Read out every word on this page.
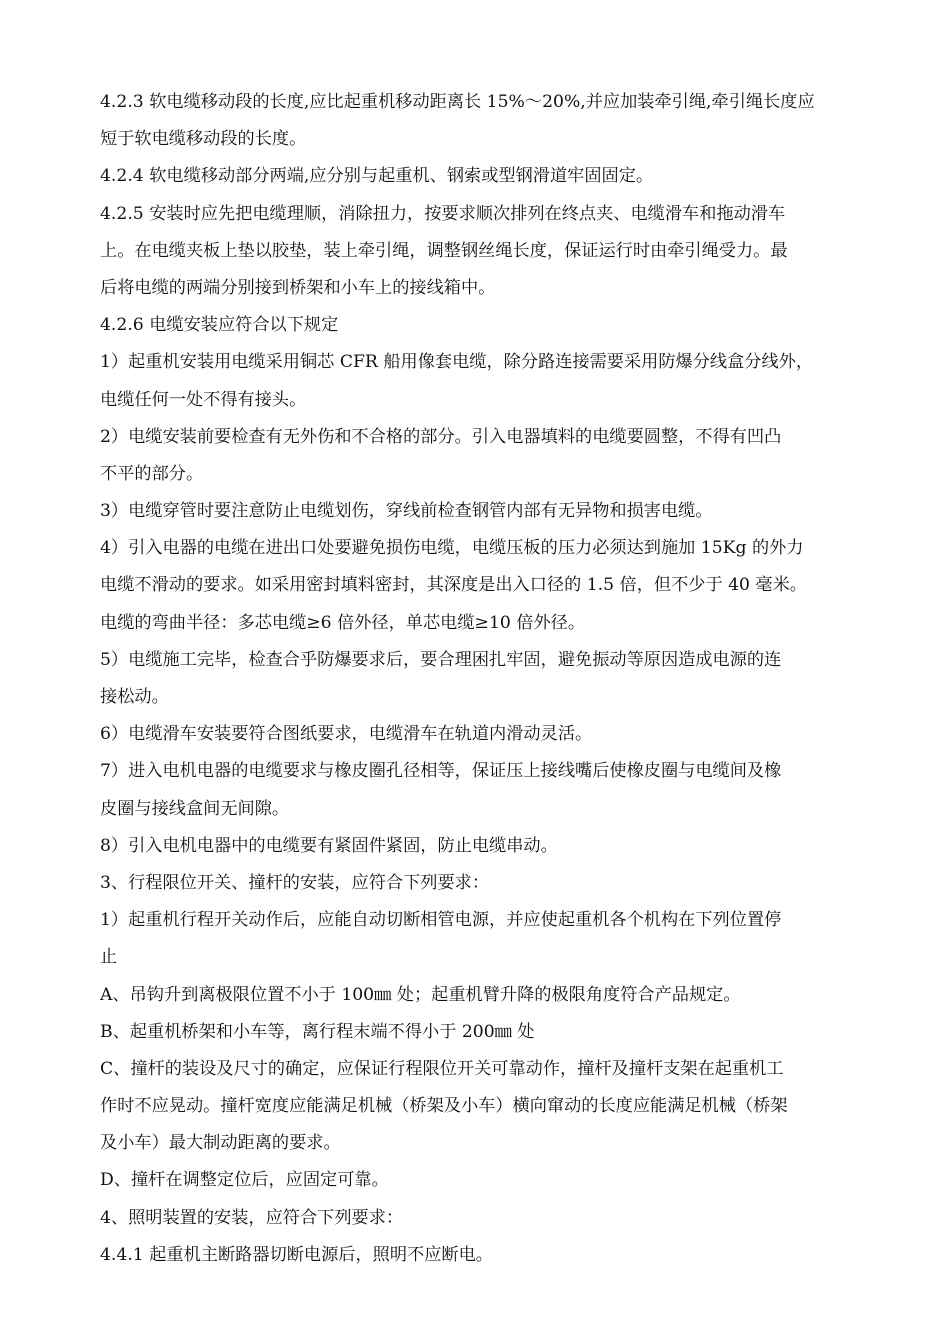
4.2.3 软电缆移动段的长度,应比起重机移动距离长 15%～20%,并应加装牵引绳,牵引绳长度应
短于软电缆移动段的长度。
4.2.4 软电缆移动部分两端,应分别与起重机、钢索或型钢滑道牢固固定。
4.2.5 安装时应先把电缆理顺，消除扭力，按要求顺次排列在终点夹、电缆滑车和拖动滑车
上。在电缆夹板上垫以胶垫，装上牵引绳，调整钢丝绳长度，保证运行时由牵引绳受力。最
后将电缆的两端分别接到桥架和小车上的接线箱中。
4.2.6 电缆安装应符合以下规定
1）起重机安装用电缆采用铜芯 CFR 船用像套电缆，除分路连接需要采用防爆分线盒分线外，
电缆任何一处不得有接头。
2）电缆安装前要检查有无外伤和不合格的部分。引入电器填料的电缆要圆整，不得有凹凸
不平的部分。
3）电缆穿管时要注意防止电缆划伤，穿线前检查钢管内部有无异物和损害电缆。
4）引入电器的电缆在进出口处要避免损伤电缆，电缆压板的压力必须达到施加 15Kg 的外力
电缆不滑动的要求。如采用密封填料密封，其深度是出入口径的 1.5 倍，但不少于 40 毫米。
电缆的弯曲半径：多芯电缆≥6 倍外径，单芯电缆≥10 倍外径。
5）电缆施工完毕，检查合乎防爆要求后，要合理困扎牢固，避免振动等原因造成电源的连
接松动。
6）电缆滑车安装要符合图纸要求，电缆滑车在轨道内滑动灵活。
7）进入电机电器的电缆要求与橡皮圈孔径相等，保证压上接线嘴后使橡皮圈与电缆间及橡
皮圈与接线盒间无间隙。
8）引入电机电器中的电缆要有紧固件紧固，防止电缆串动。
3、行程限位开关、撞杆的安装，应符合下列要求：
1）起重机行程开关动作后，应能自动切断相管电源，并应使起重机各个机构在下列位置停
止
A、吊钩升到离极限位置不小于 100㎜ 处；起重机臂升降的极限角度符合产品规定。
B、起重机桥架和小车等，离行程末端不得小于 200㎜ 处
C、撞杆的装设及尺寸的确定，应保证行程限位开关可靠动作，撞杆及撞杆支架在起重机工
作时不应晃动。撞杆宽度应能满足机械（桥架及小车）横向窜动的长度应能满足机械（桥架
及小车）最大制动距离的要求。
D、撞杆在调整定位后，应固定可靠。
4、照明装置的安装，应符合下列要求：
4.4.1 起重机主断路器切断电源后，照明不应断电。
